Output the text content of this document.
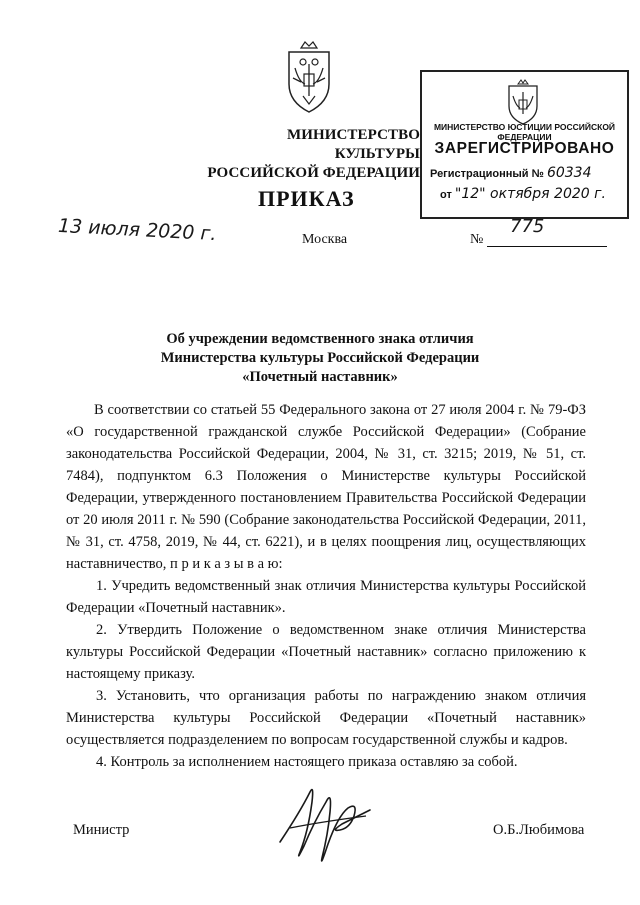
МИНИСТЕРСТВО КУЛЬТУРЫ
РОССИЙСКОЙ ФЕДЕРАЦИИ
ПРИКАЗ
МИНИСТЕРСТВО ЮСТИЦИИ РОССИЙСКОЙ ФЕДЕРАЦИИ
ЗАРЕГИСТРИРОВАНО
Регистрационный № 60334
от "12" октября 2020 г.
13 июля 2020 г.	Москва	№
775
Об учреждении ведомственного знака отличия
Министерства культуры Российской Федерации
«Почетный наставник»

В соответствии со статьей 55 Федерального закона от 27 июля 2004 г. № 79-ФЗ «О государственной гражданской службе Российской Федерации» (Собрание законодательства Российской Федерации, 2004, № 31, ст. 3215; 2019, № 51, ст. 7484), подпунктом 6.3 Положения о Министерстве культуры Российской Федерации, утвержденного постановлением Правительства Российской Федерации от 20 июля 2011 г. № 590 (Собрание законодательства Российской Федерации, 2011, № 31, ст. 4758, 2019, № 44, ст. 6221), и в целях поощрения лиц, осуществляющих наставничество, п р и к а з ы в а ю:

1. Учредить ведомственный знак отличия Министерства культуры Российской Федерации «Почетный наставник».

2. Утвердить Положение о ведомственном знаке отличия Министерства культуры Российской Федерации «Почетный наставник» согласно приложению к настоящему приказу.

3. Установить, что организация работы по награждению знаком отличия Министерства культуры Российской Федерации «Почетный наставник» осуществляется подразделением по вопросам государственной службы и кадров.

4. Контроль за исполнением настоящего приказа оставляю за собой.

Министр	О.Б.Любимова
